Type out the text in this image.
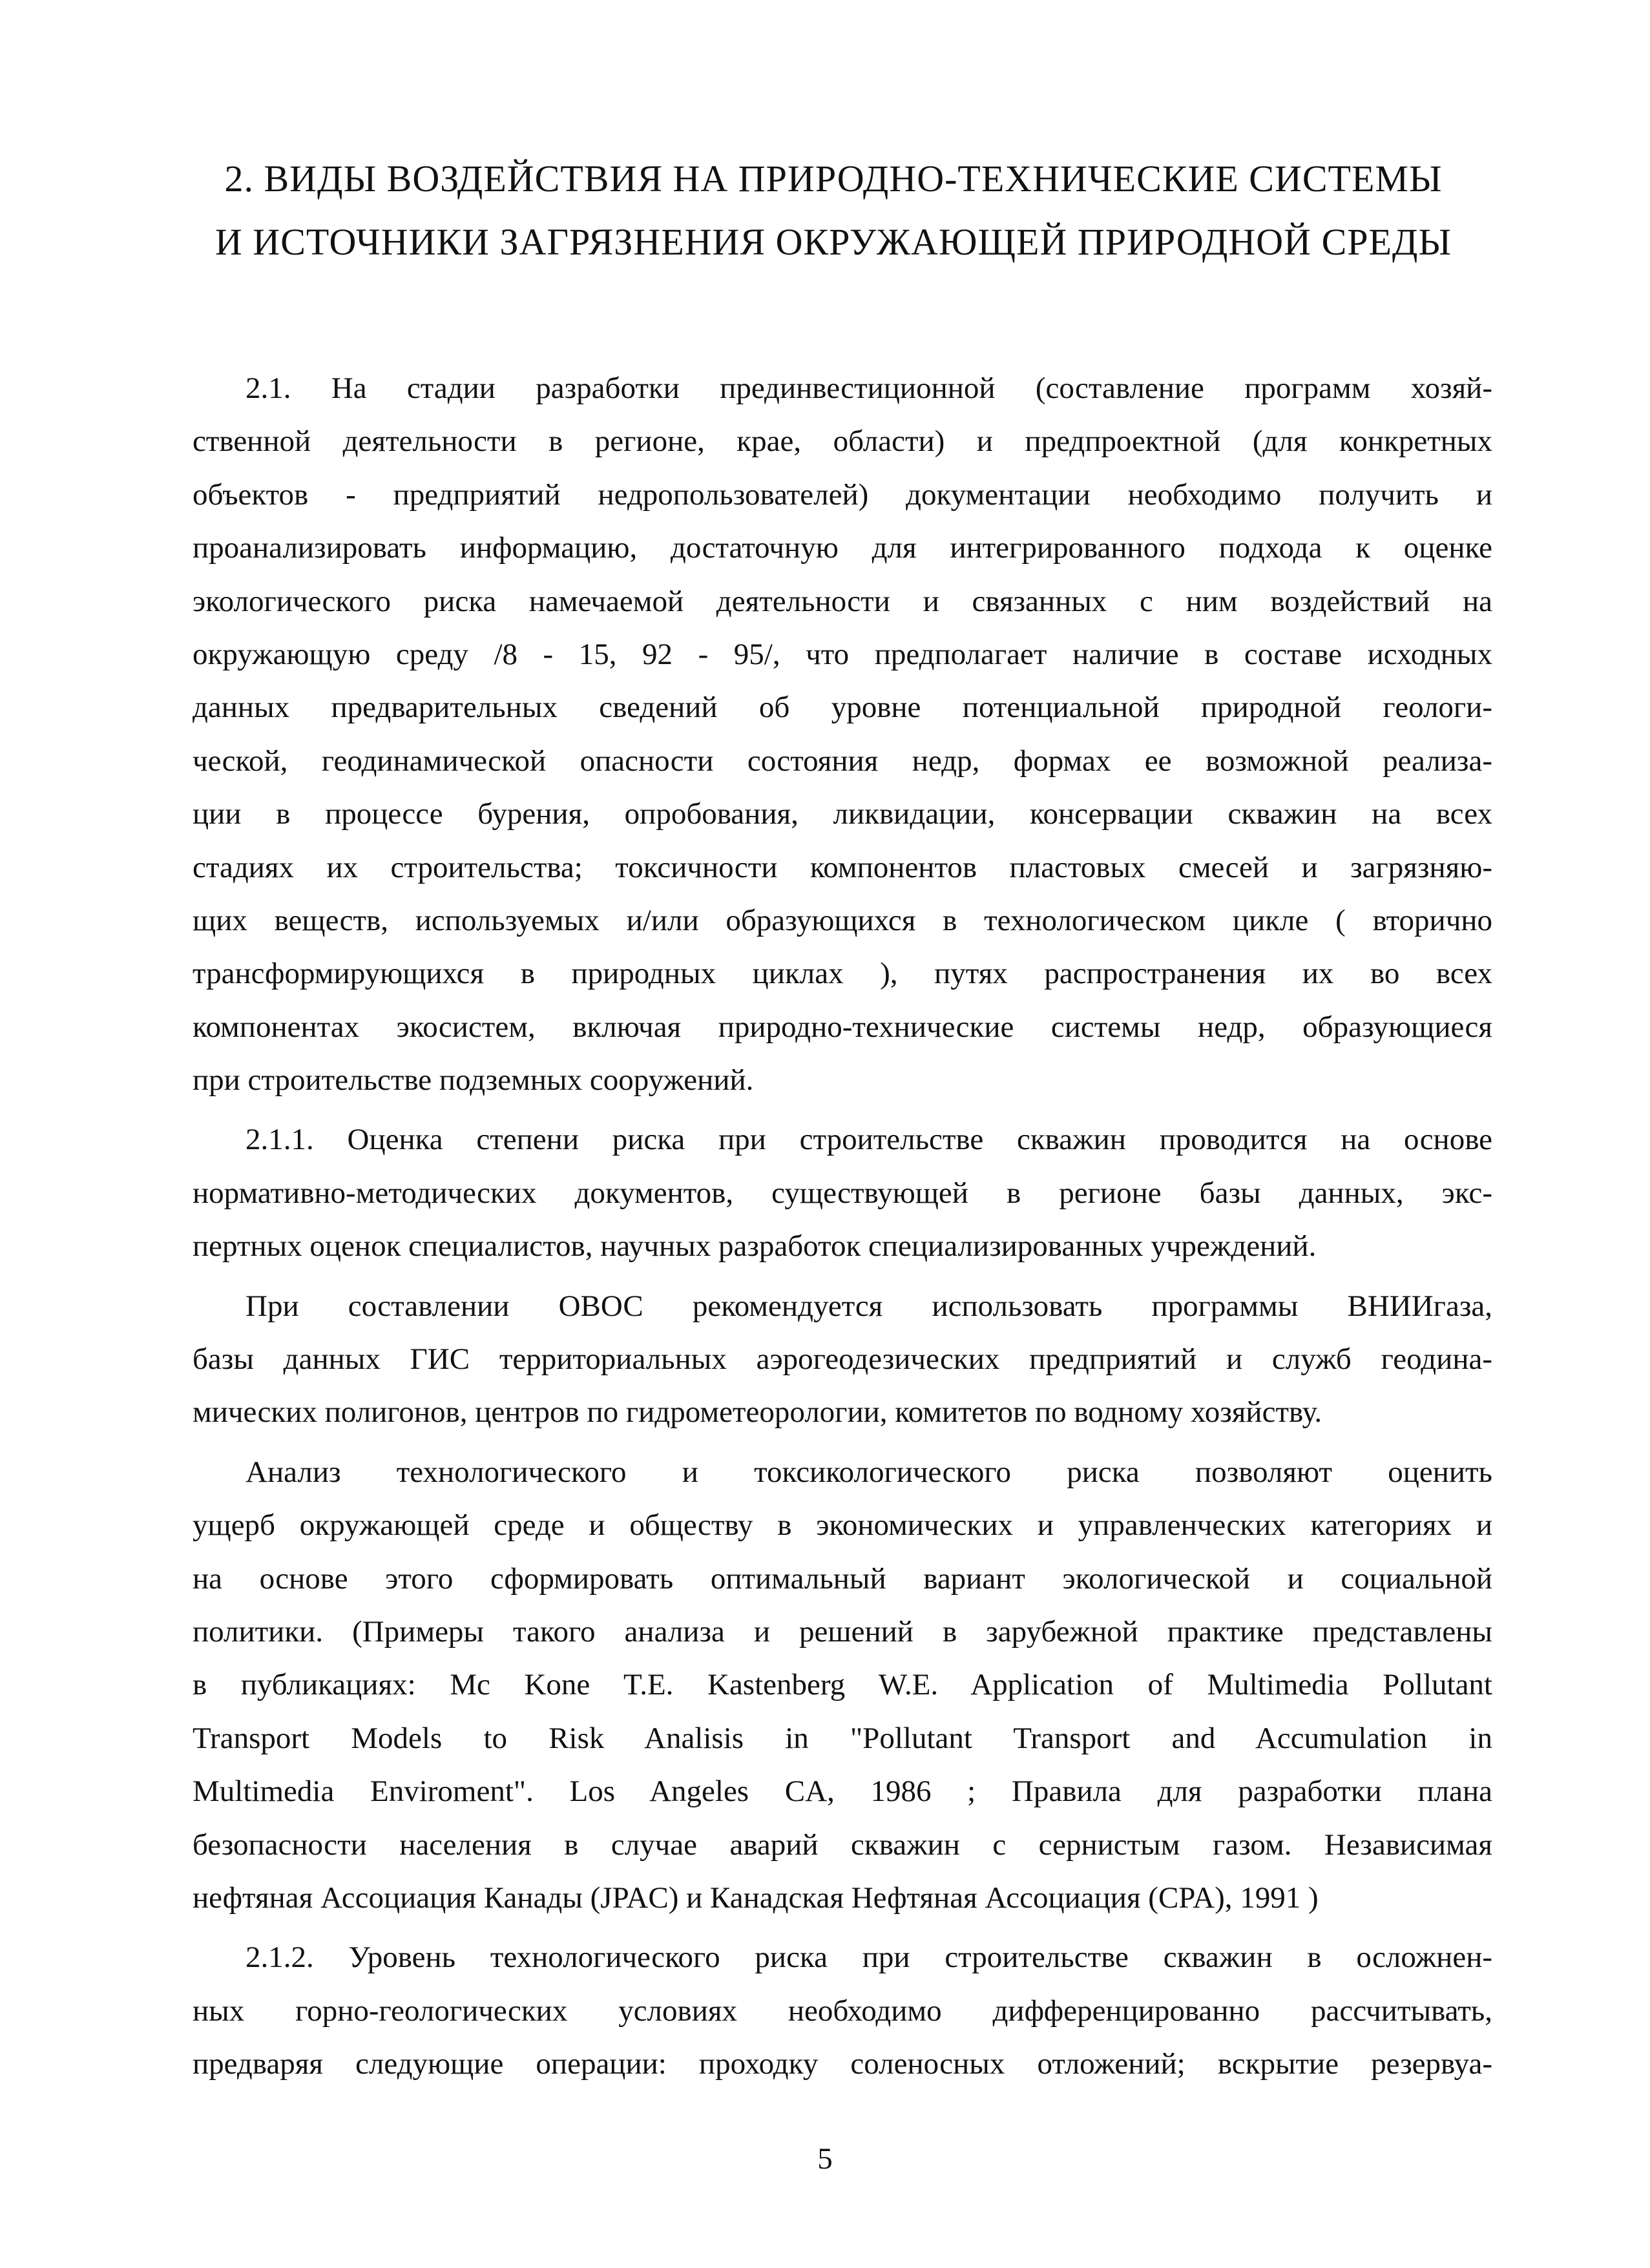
2. ВИДЫ ВОЗДЕЙСТВИЯ НА ПРИРОДНО-ТЕХНИЧЕСКИЕ СИСТЕМЫ
И ИСТОЧНИКИ ЗАГРЯЗНЕНИЯ ОКРУЖАЮЩЕЙ ПРИРОДНОЙ СРЕДЫ
2.1. На стадии разработки прединвестиционной (составление программ хозяй-
ственной деятельности в регионе, крае, области) и предпроектной (для конкретных
объектов - предприятий недропользователей) документации необходимо получить и
проанализировать информацию, достаточную для интегрированного подхода к оценке
экологического риска намечаемой деятельности и связанных с ним воздействий на
окружающую среду /8 - 15, 92 - 95/, что предполагает наличие в составе исходных
данных предварительных сведений об уровне потенциальной природной геологи-
ческой, геодинамической опасности состояния недр, формах ее возможной реализа-
ции в процессе бурения, опробования, ликвидации, консервации скважин на всех
стадиях их строительства; токсичности компонентов пластовых смесей и загрязняю-
щих веществ, используемых и/или образующихся в технологическом цикле ( вторично
трансформирующихся в природных циклах ), путях распространения их во всех
компонентах экосистем, включая природно-технические системы недр, образующиеся
при строительстве подземных сооружений.
2.1.1. Оценка степени риска при строительстве скважин проводится на основе
нормативно-методических документов, существующей в регионе базы данных, экс-
пертных оценок специалистов, научных разработок специализированных учреждений.
При составлении ОВОС рекомендуется использовать программы ВНИИгаза,
базы данных ГИС территориальных аэрогеодезических предприятий и служб геодина-
мических полигонов, центров по гидрометеорологии, комитетов по водному хозяйству.
Анализ технологического и токсикологического риска позволяют оценить
ущерб окружающей среде и обществу в экономических и управленческих категориях и
на основе этого сформировать оптимальный вариант экологической и социальной
политики. (Примеры такого анализа и решений в зарубежной практике представлены
в публикациях: Mc Kone T.E. Kastenberg W.E. Application of Multimedia Pollutant
Transport Models to Risk Analisis in "Pollutant Transport and Accumulation in
Multimedia Enviroment". Los Angeles CA, 1986 ; Правила для разработки плана
безопасности населения в случае аварий скважин с сернистым газом. Независимая
нефтяная Ассоциация Канады (JPAC) и Канадская Нефтяная Ассоциация (CPA), 1991 )
2.1.2. Уровень технологического риска при строительстве скважин в осложнен-
ных горно-геологических условиях необходимо дифференцированно рассчитывать,
предваряя следующие операции: проходку соленосных отложений; вскрытие резервуа-
5
